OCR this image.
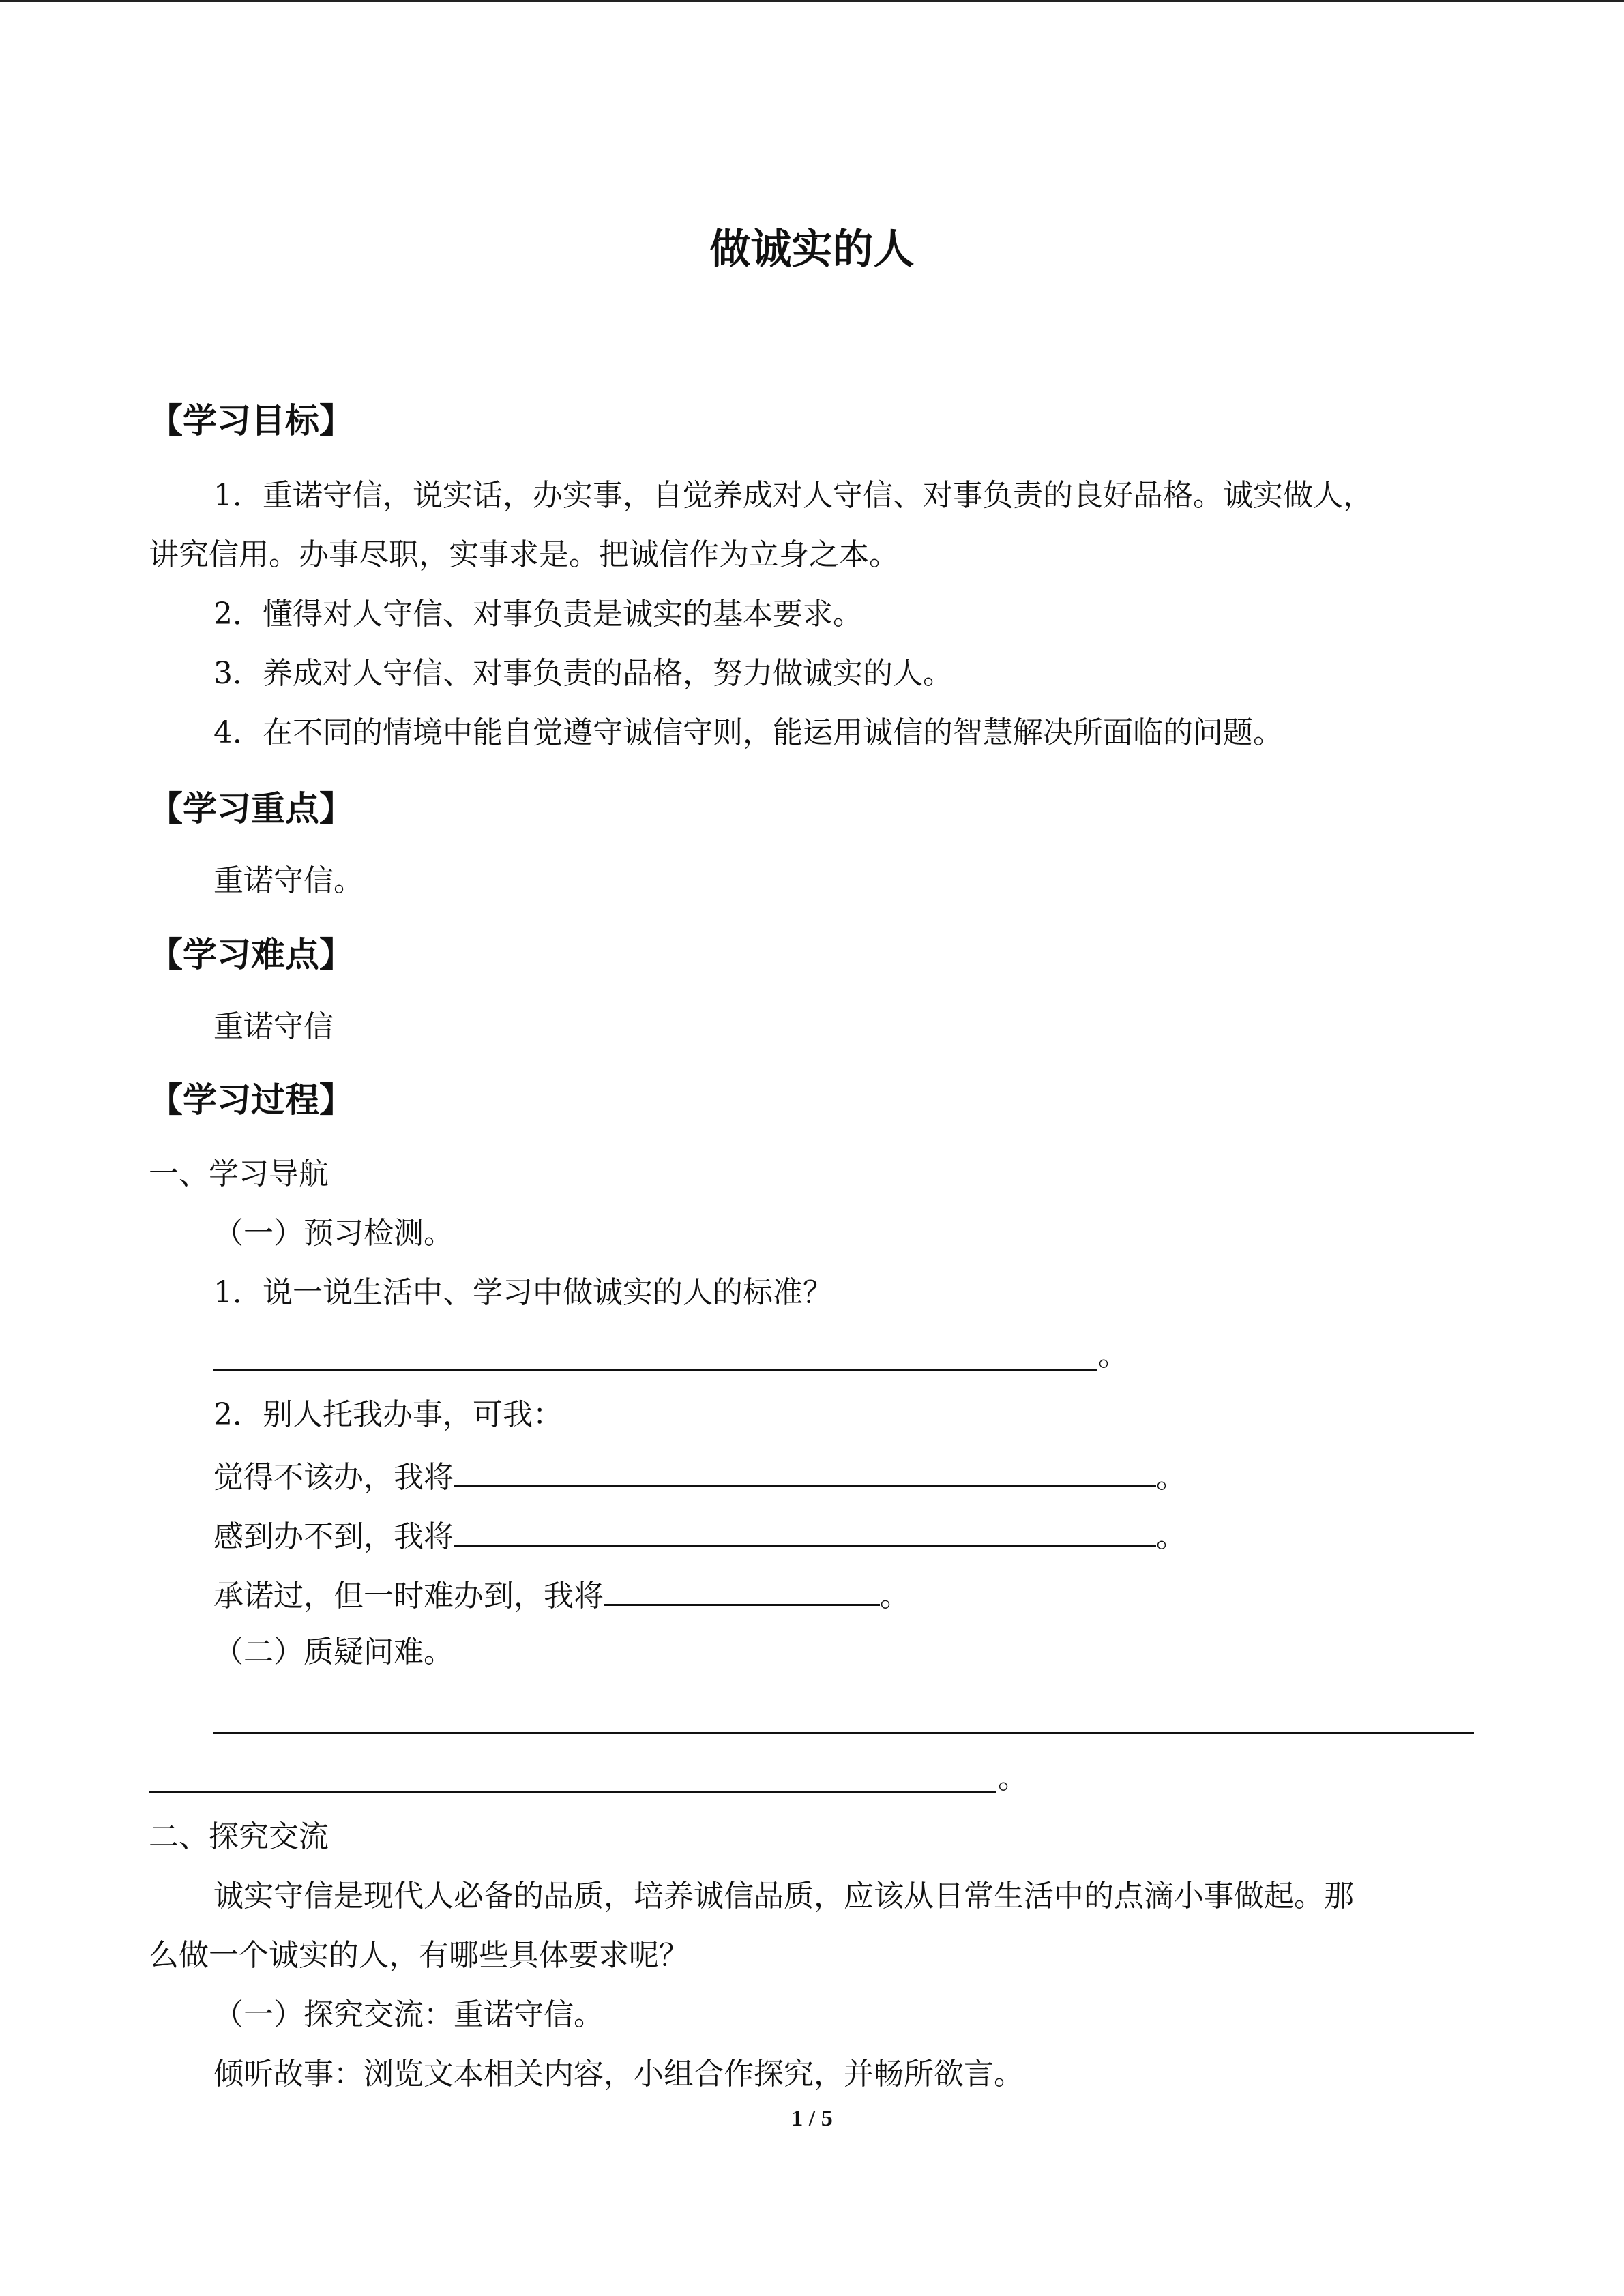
做诚实的人
【学习目标】
1．重诺守信，说实话，办实事，自觉养成对人守信、对事负责的良好品格。诚实做人，
讲究信用。办事尽职，实事求是。把诚信作为立身之本。
2．懂得对人守信、对事负责是诚实的基本要求。
3．养成对人守信、对事负责的品格，努力做诚实的人。
4．在不同的情境中能自觉遵守诚信守则，能运用诚信的智慧解决所面临的问题。
【学习重点】
重诺守信。
【学习难点】
重诺守信
【学习过程】
一、学习导航
（一）预习检测。
1．说一说生活中、学习中做诚实的人的标准？
。
2．别人托我办事，可我：
觉得不该办，我将	。
感到办不到，我将	。
承诺过，但一时难办到，我将	。
（二）质疑问难。
。
二、探究交流
诚实守信是现代人必备的品质，培养诚信品质，应该从日常生活中的点滴小事做起。那
么做一个诚实的人，有哪些具体要求呢？
（一）探究交流：重诺守信。
倾听故事：浏览文本相关内容，小组合作探究，并畅所欲言。
1 / 5
